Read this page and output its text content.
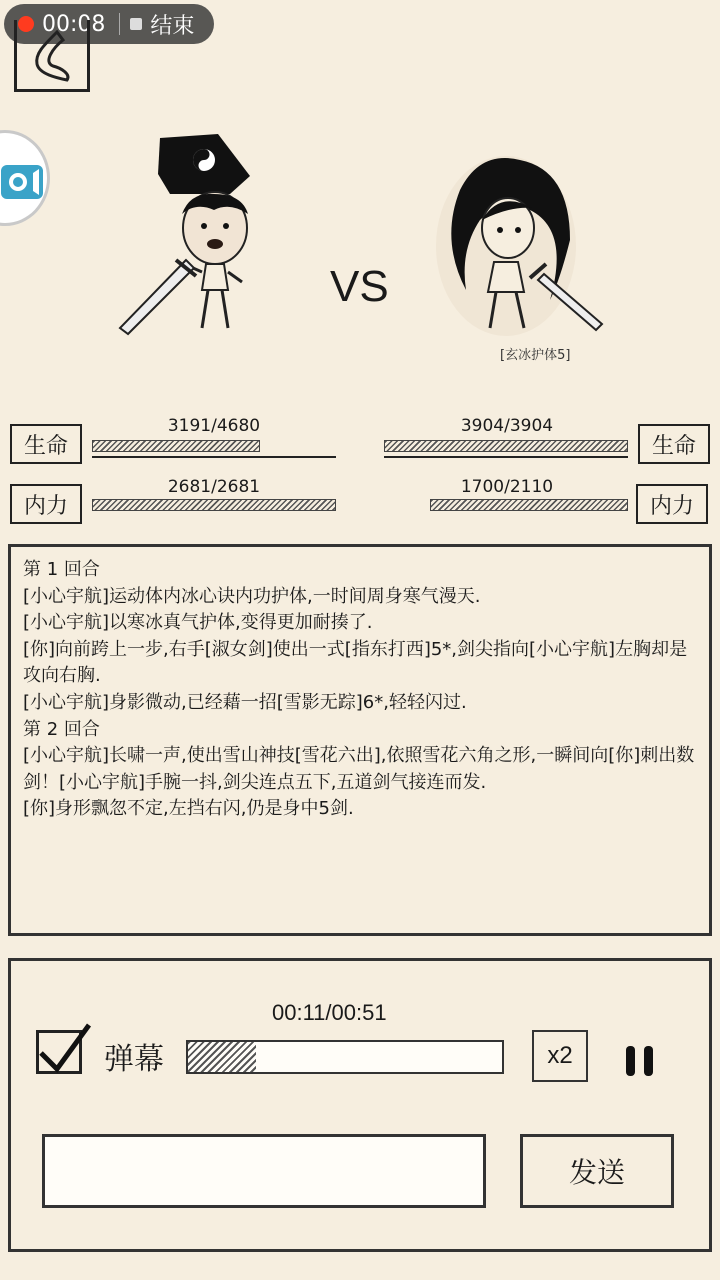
00:08 结束
VS
[玄冰护体5]
生命
3191/4680
内力
2681/2681
生命
3904/3904
内力
1700/2110
第 1 回合
[小心宇航]运动体内冰心诀内功护体,一时间周身寒气漫天.
[小心宇航]以寒冰真气护体,变得更加耐揍了.
[你]向前跨上一步,右手[淑女剑]使出一式[指东打西]5*,剑尖指向[小心宇航]左胸却是攻向右胸.
[小心宇航]身影微动,已经藉一招[雪影无踪]6*,轻轻闪过.
第 2 回合
[小心宇航]长啸一声,使出雪山神技[雪花六出],依照雪花六角之形,一瞬间向[你]刺出数剑！[小心宇航]手腕一抖,剑尖连点五下,五道剑气接连而发.
[你]身形飘忽不定,左挡右闪,仍是身中5剑.
00:11/00:51
弹幕	x2
发送
